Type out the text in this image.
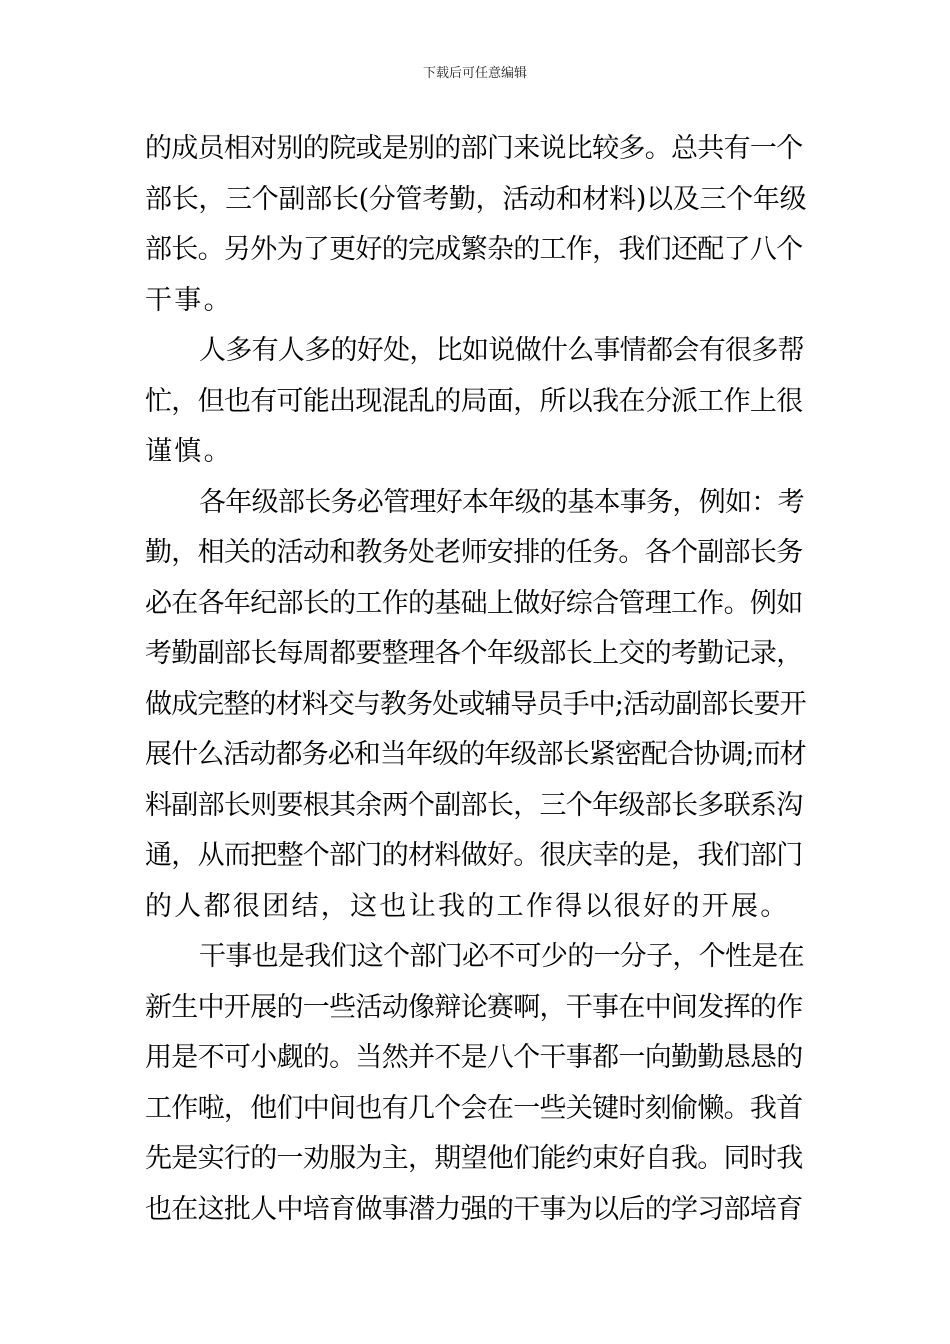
下载后可任意编辑
的成员相对别的院或是别的部门来说比较多。总共有一个
部长，三个副部长(分管考勤，活动和材料)以及三个年级
部长。另外为了更好的完成繁杂的工作，我们还配了八个
干事。
人多有人多的好处，比如说做什么事情都会有很多帮
忙，但也有可能出现混乱的局面，所以我在分派工作上很
谨慎。
各年级部长务必管理好本年级的基本事务，例如：考
勤，相关的活动和教务处老师安排的任务。各个副部长务
必在各年纪部长的工作的基础上做好综合管理工作。例如
考勤副部长每周都要整理各个年级部长上交的考勤记录，
做成完整的材料交与教务处或辅导员手中;活动副部长要开
展什么活动都务必和当年级的年级部长紧密配合协调;而材
料副部长则要根其余两个副部长，三个年级部长多联系沟
通，从而把整个部门的材料做好。很庆幸的是，我们部门
的人都很团结，这也让我的工作得以很好的开展。
干事也是我们这个部门必不可少的一分子，个性是在
新生中开展的一些活动像辩论赛啊，干事在中间发挥的作
用是不可小觑的。当然并不是八个干事都一向勤勤恳恳的
工作啦，他们中间也有几个会在一些关键时刻偷懒。我首
先是实行的一劝服为主，期望他们能约束好自我。同时我
也在这批人中培育做事潜力强的干事为以后的学习部培育
